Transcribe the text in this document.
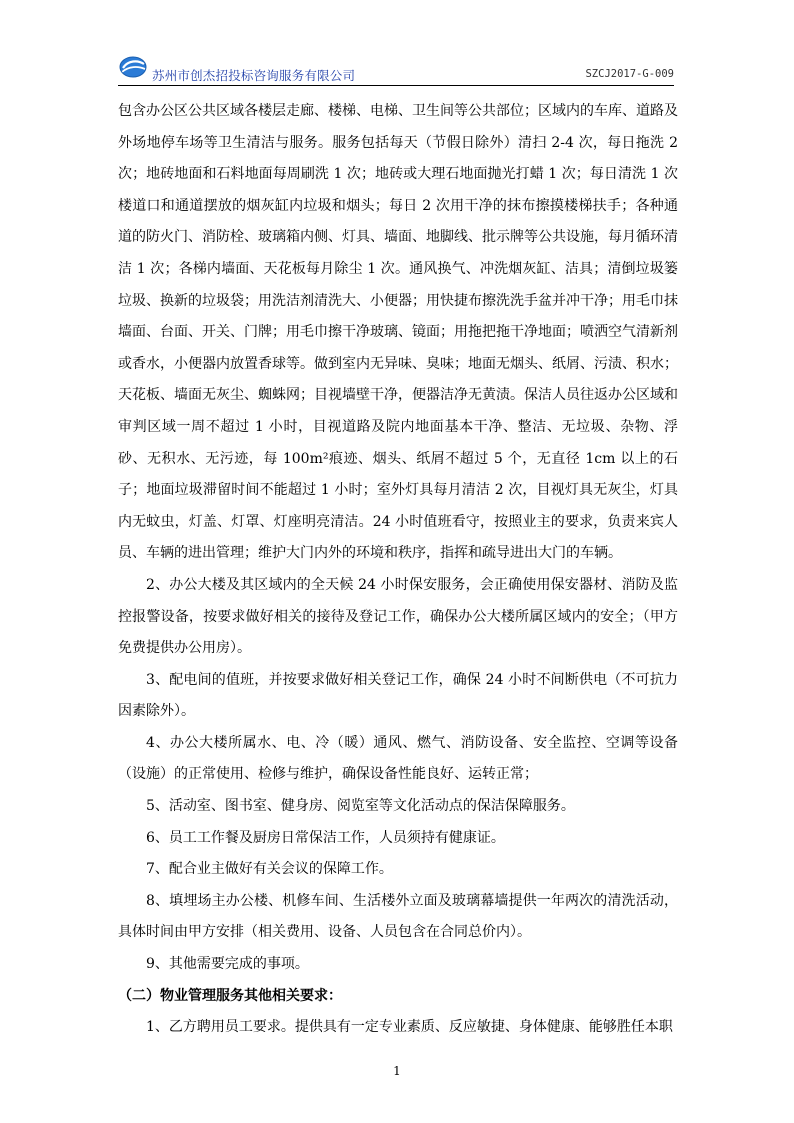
苏州市创杰招投标咨询服务有限公司	SZCJ2017-G-009

包含办公区公共区域各楼层走廊、楼梯、电梯、卫生间等公共部位；区域内的车库、道路及外场地停车场等卫生清洁与服务。服务包括每天（节假日除外）清扫 2-4 次，每日拖洗 2 次；地砖地面和石料地面每周刷洗 1 次；地砖或大理石地面抛光打蜡 1 次；每日清洗 1 次楼道口和通道摆放的烟灰缸内垃圾和烟头；每日 2 次用干净的抹布擦摸楼梯扶手；各种通道的防火门、消防栓、玻璃箱内侧、灯具、墙面、地脚线、批示牌等公共设施，每月循环清洁 1 次；各梯内墙面、天花板每月除尘 1 次。通风换气、冲洗烟灰缸、洁具；清倒垃圾篓垃圾、换新的垃圾袋；用洗洁剂清洗大、小便器；用快捷布擦洗洗手盆并冲干净；用毛巾抹墙面、台面、开关、门牌；用毛巾擦干净玻璃、镜面；用拖把拖干净地面；喷洒空气清新剂或香水，小便器内放置香球等。做到室内无异味、臭味；地面无烟头、纸屑、污渍、积水；天花板、墙面无灰尘、蜘蛛网；目视墙壁干净，便器洁净无黄渍。保洁人员往返办公区域和审判区域一周不超过 1 小时，目视道路及院内地面基本干净、整洁、无垃圾、杂物、浮砂、无积水、无污迹，每 100m²痕迹、烟头、纸屑不超过 5 个，无直径 1cm 以上的石子；地面垃圾滞留时间不能超过 1 小时；室外灯具每月清洁 2 次，目视灯具无灰尘，灯具内无蚊虫，灯盖、灯罩、灯座明亮清洁。24 小时值班看守，按照业主的要求，负责来宾人员、车辆的进出管理；维护大门内外的环境和秩序，指挥和疏导进出大门的车辆。

2、办公大楼及其区域内的全天候 24 小时保安服务，会正确使用保安器材、消防及监控报警设备，按要求做好相关的接待及登记工作，确保办公大楼所属区域内的安全；（甲方免费提供办公用房）。

3、配电间的值班，并按要求做好相关登记工作，确保 24 小时不间断供电（不可抗力因素除外）。

4、办公大楼所属水、电、冷（暖）通风、燃气、消防设备、安全监控、空调等设备（设施）的正常使用、检修与维护，确保设备性能良好、运转正常；

5、活动室、图书室、健身房、阅览室等文化活动点的保洁保障服务。

6、员工工作餐及厨房日常保洁工作，人员须持有健康证。

7、配合业主做好有关会议的保障工作。

8、填埋场主办公楼、机修车间、生活楼外立面及玻璃幕墙提供一年两次的清洗活动，具体时间由甲方安排（相关费用、设备、人员包含在合同总价内）。

9、其他需要完成的事项。

（二）物业管理服务其他相关要求：

1、乙方聘用员工要求。提供具有一定专业素质、反应敏捷、身体健康、能够胜任本职

1
